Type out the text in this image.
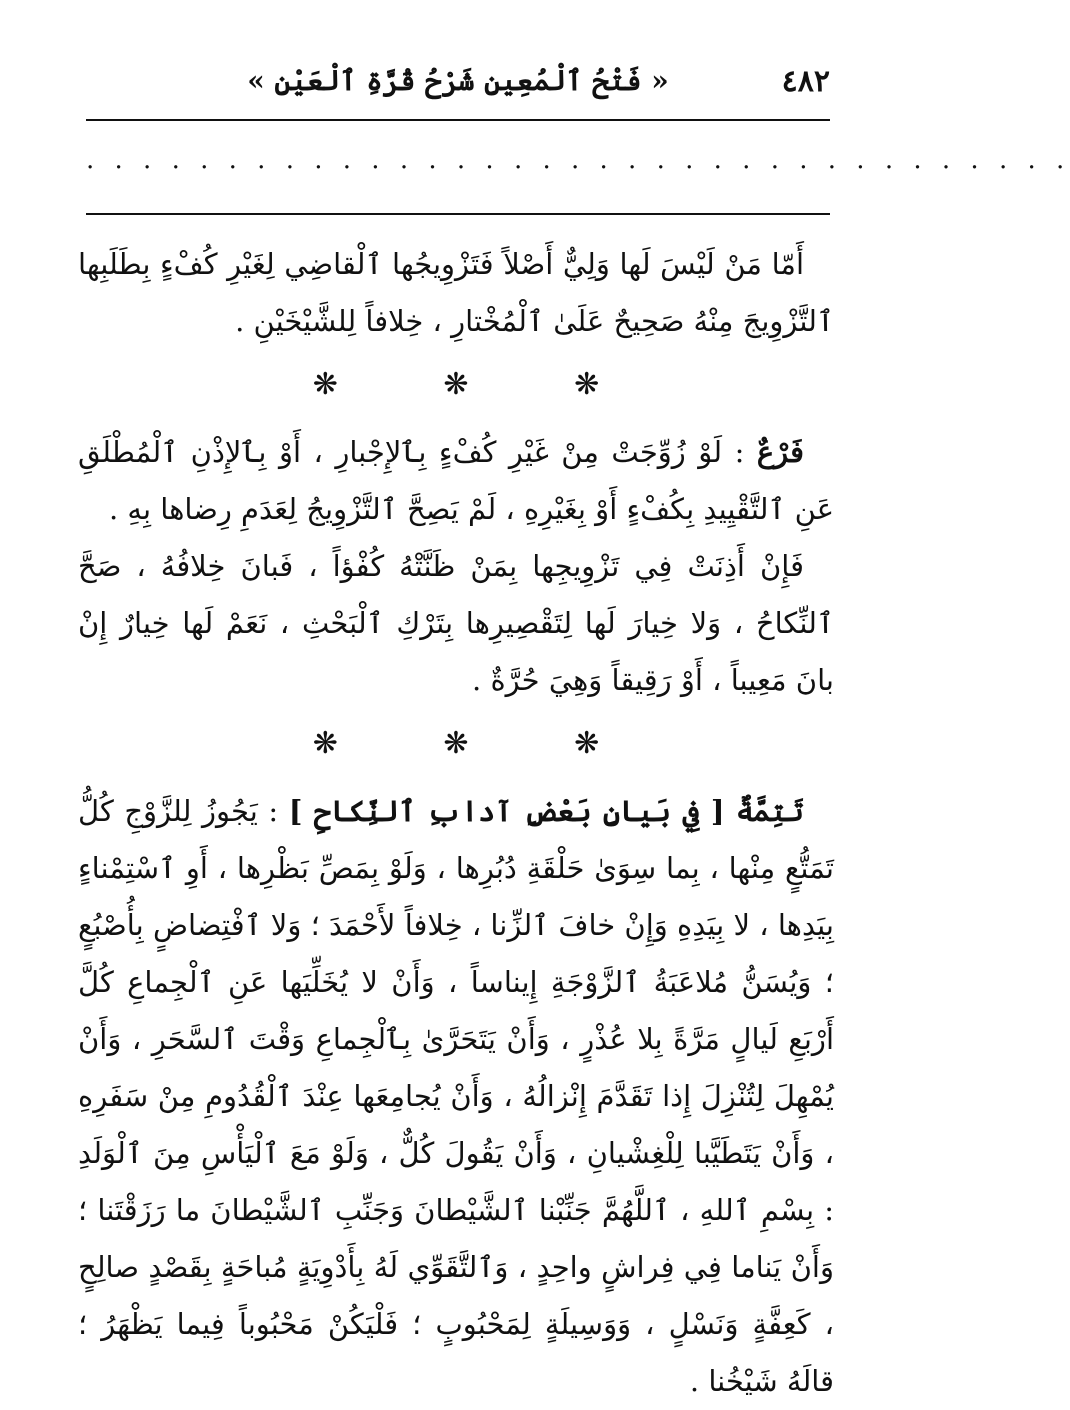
٤٨٢
« فَتْحُ ٱلْمُعِينِ شَرْحُ قُرَّةِ ٱلْعَيْنِ »
. . . . . . . . . . . . . . . . . . . . . . . . . . . . . . . . . . .

أَمّا مَنْ لَيْسَ لَها وَلِيٌّ أَصْلاً فَتَزْوِيجُها ٱلْقاضِي لِغَيْرِ كُفْءٍ بِطَلَبِها ٱلتَّزْوِيجَ مِنْهُ صَحِيحٌ عَلَىٰ ٱلْمُخْتارِ ، خِلافاً لِلشَّيْخَيْنِ .

❋	❋	❋

فَرْعٌ : لَوْ زُوِّجَتْ مِنْ غَيْرِ كُفْءٍ بِٱلإِجْبارِ ، أَوْ بِٱلإِذْنِ ٱلْمُطْلَقِ عَنِ ٱلتَّقْيِيدِ بِكُفْءٍ أَوْ بِغَيْرِهِ ، لَمْ يَصِحَّ ٱلتَّزْوِيجُ لِعَدَمِ رِضاها بِهِ .

فَإِنْ أَذِنَتْ فِي تَزْوِيجِها بِمَنْ ظَنَّتْهُ كُفْؤاً ، فَبانَ خِلافُهُ ، صَحَّ ٱلنِّكاحُ ، وَلا خِيارَ لَها لِتَقْصِيرِها بِتَرْكِ ٱلْبَحْثِ ، نَعَمْ لَها خِيارٌ إِنْ بانَ مَعِيباً ، أَوْ رَقِيقاً وَهِيَ حُرَّةٌ .

❋	❋	❋

تَتِمَّةٌ [ فِي بَيانِ بَعْضِ آدابِ ٱلنِّكاحِ ] : يَجُوزُ لِلزَّوْجِ كُلُّ تَمَتُّعٍ مِنْها ، بِما سِوَىٰ حَلْقَةِ دُبُرِها ، وَلَوْ بِمَصِّ بَظْرِها ، أَوِ ٱسْتِمْناءٍ بِيَدِها ، لا بِيَدِهِ وَإِنْ خافَ ٱلزِّنا ، خِلافاً لأَحْمَدَ ؛ وَلا ٱفْتِضاضٍ بِأُصْبُعٍ ؛ وَيُسَنُّ مُلاعَبَةُ ٱلزَّوْجَةِ إِيناساً ، وَأَنْ لا يُخَلِّيَها عَنِ ٱلْجِماعِ كُلَّ أَرْبَعِ لَيالٍ مَرَّةً بِلا عُذْرٍ ، وَأَنْ يَتَحَرَّىٰ بِٱلْجِماعِ وَقْتَ ٱلسَّحَرِ ، وَأَنْ يُمْهِلَ لِتُنْزِلَ إِذا تَقَدَّمَ إِنْزالُهُ ، وَأَنْ يُجامِعَها عِنْدَ ٱلْقُدُومِ مِنْ سَفَرِهِ ، وَأَنْ يَتَطَيَّبا لِلْغِشْيانِ ، وَأَنْ يَقُولَ كُلٌّ ، وَلَوْ مَعَ ٱلْيَأْسِ مِنَ ٱلْوَلَدِ : بِسْمِ ٱللهِ ، ٱللَّهُمَّ جَنِّبْنا ٱلشَّيْطانَ وَجَنِّبِ ٱلشَّيْطانَ ما رَزَقْتَنا ؛ وَأَنْ يَناما فِي فِراشٍ واحِدٍ ، وَٱلتَّقَوِّي لَهُ بِأَدْوِيَةٍ مُباحَةٍ بِقَصْدٍ صالِحٍ ، كَعِفَّةٍ وَنَسْلٍ ، وَوَسِيلَةٍ لِمَحْبُوبٍ ؛ فَلْيَكُنْ مَحْبُوباً فِيما يَظْهَرُ ؛ قالَهُ شَيْخُنا .
